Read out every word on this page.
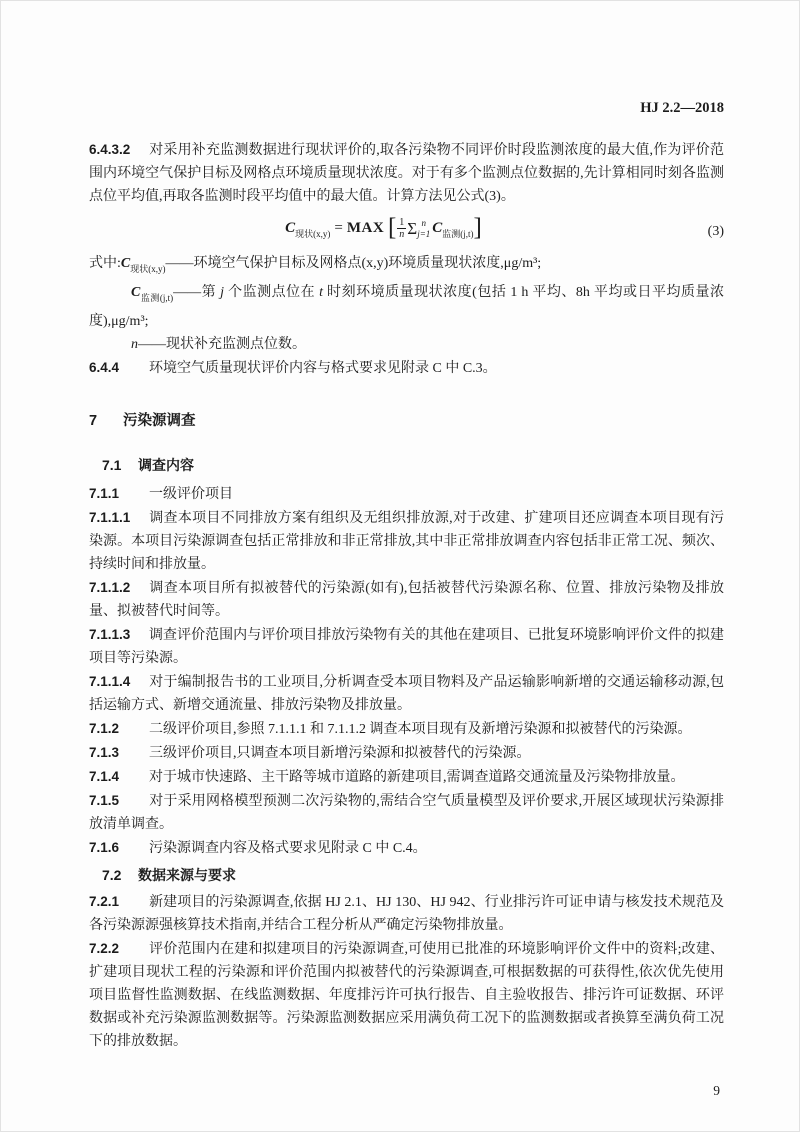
HJ 2.2—2018

6.4.3.2 对采用补充监测数据进行现状评价的,取各污染物不同评价时段监测浓度的最大值,作为评价范围内环境空气保护目标及网格点环境质量现状浓度。对于有多个监测点位数据的,先计算相同时刻各监测点位平均值,再取各监测时段平均值中的最大值。计算方法见公式(3)。

$C_{现状(x,y)}$ = MAX [ $\frac{1}{n}$ Σ n
j=1 $C_{监测(j,t)}$]	(3)

式中$:C_{现状(x,y)}——$环境空气保护目标及网格点(x,y)环境质量现状浓度,μg/m³;

$C_{监测(j,t)}——$第 j 个监测点位在 t 时刻环境质量现状浓度(包括 1 h 平均、8h 平均或日平均质量浓度),μg/m³;

n——现状补充监测点位数。

6.4.4 环境空气质量现状评价内容与格式要求见附录 C 中 C.3。

7 污染源调查
7.1 调查内容

7.1.1 一级评价项目

7.1.1.1 调查本项目不同排放方案有组织及无组织排放源,对于改建、扩建项目还应调查本项目现有污染源。本项目污染源调查包括正常排放和非正常排放,其中非正常排放调查内容包括非正常工况、频次、持续时间和排放量。

7.1.1.2 调查本项目所有拟被替代的污染源(如有),包括被替代污染源名称、位置、排放污染物及排放量、拟被替代时间等。

7.1.1.3 调查评价范围内与评价项目排放污染物有关的其他在建项目、已批复环境影响评价文件的拟建项目等污染源。

7.1.1.4 对于编制报告书的工业项目,分析调查受本项目物料及产品运输影响新增的交通运输移动源,包括运输方式、新增交通流量、排放污染物及排放量。

7.1.2 二级评价项目,参照 7.1.1.1 和 7.1.1.2 调查本项目现有及新增污染源和拟被替代的污染源。

7.1.3 三级评价项目,只调查本项目新增污染源和拟被替代的污染源。

7.1.4 对于城市快速路、主干路等城市道路的新建项目,需调查道路交通流量及污染物排放量。

7.1.5 对于采用网格模型预测二次污染物的,需结合空气质量模型及评价要求,开展区域现状污染源排放清单调查。

7.1.6 污染源调查内容及格式要求见附录 C 中 C.4。

7.2 数据来源与要求

7.2.1 新建项目的污染源调查,依据 HJ 2.1、HJ 130、HJ 942、行业排污许可证申请与核发技术规范及各污染源源强核算技术指南,并结合工程分析从严确定污染物排放量。

7.2.2 评价范围内在建和拟建项目的污染源调查,可使用已批准的环境影响评价文件中的资料;改建、扩建项目现状工程的污染源和评价范围内拟被替代的污染源调查,可根据数据的可获得性,依次优先使用项目监督性监测数据、在线监测数据、年度排污许可执行报告、自主验收报告、排污许可证数据、环评数据或补充污染源监测数据等。污染源监测数据应采用满负荷工况下的监测数据或者换算至满负荷工况下的排放数据。

9
